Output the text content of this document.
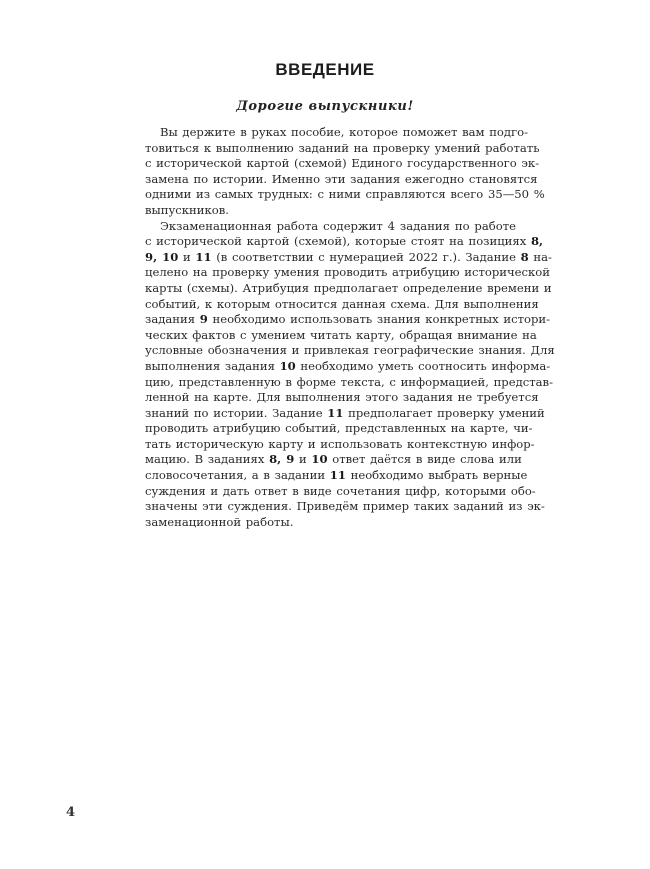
ВВЕДЕНИЕ
Дорогие выпускники!
Вы держите в руках пособие, которое поможет вам подго-
товиться к выполнению заданий на проверку умений работать
с исторической картой (схемой) Единого государственного эк-
замена по истории. Именно эти задания ежегодно становятся
одними из самых трудных: с ними справляются всего 35—50 %
выпускников.
Экзаменационная работа содержит 4 задания по работе
с исторической картой (схемой), которые стоят на позициях 8,
9, 10 и 11 (в соответствии с нумерацией 2022 г.). Задание 8 на-
целено на проверку умения проводить атрибуцию исторической
карты (схемы). Атрибуция предполагает определение времени и
событий, к которым относится данная схема. Для выполнения
задания 9 необходимо использовать знания конкретных истори-
ческих фактов с умением читать карту, обращая внимание на
условные обозначения и привлекая географические знания. Для
выполнения задания 10 необходимо уметь соотносить информа-
цию, представленную в форме текста, с информацией, представ-
ленной на карте. Для выполнения этого задания не требуется
знаний по истории. Задание 11 предполагает проверку умений
проводить атрибуцию событий, представленных на карте, чи-
тать историческую карту и использовать контекстную инфор-
мацию. В заданиях 8, 9 и 10 ответ даётся в виде слова или
словосочетания, а в задании 11 необходимо выбрать верные
суждения и дать ответ в виде сочетания цифр, которыми обо-
значены эти суждения. Приведём пример таких заданий из эк-
заменационной работы.
4
